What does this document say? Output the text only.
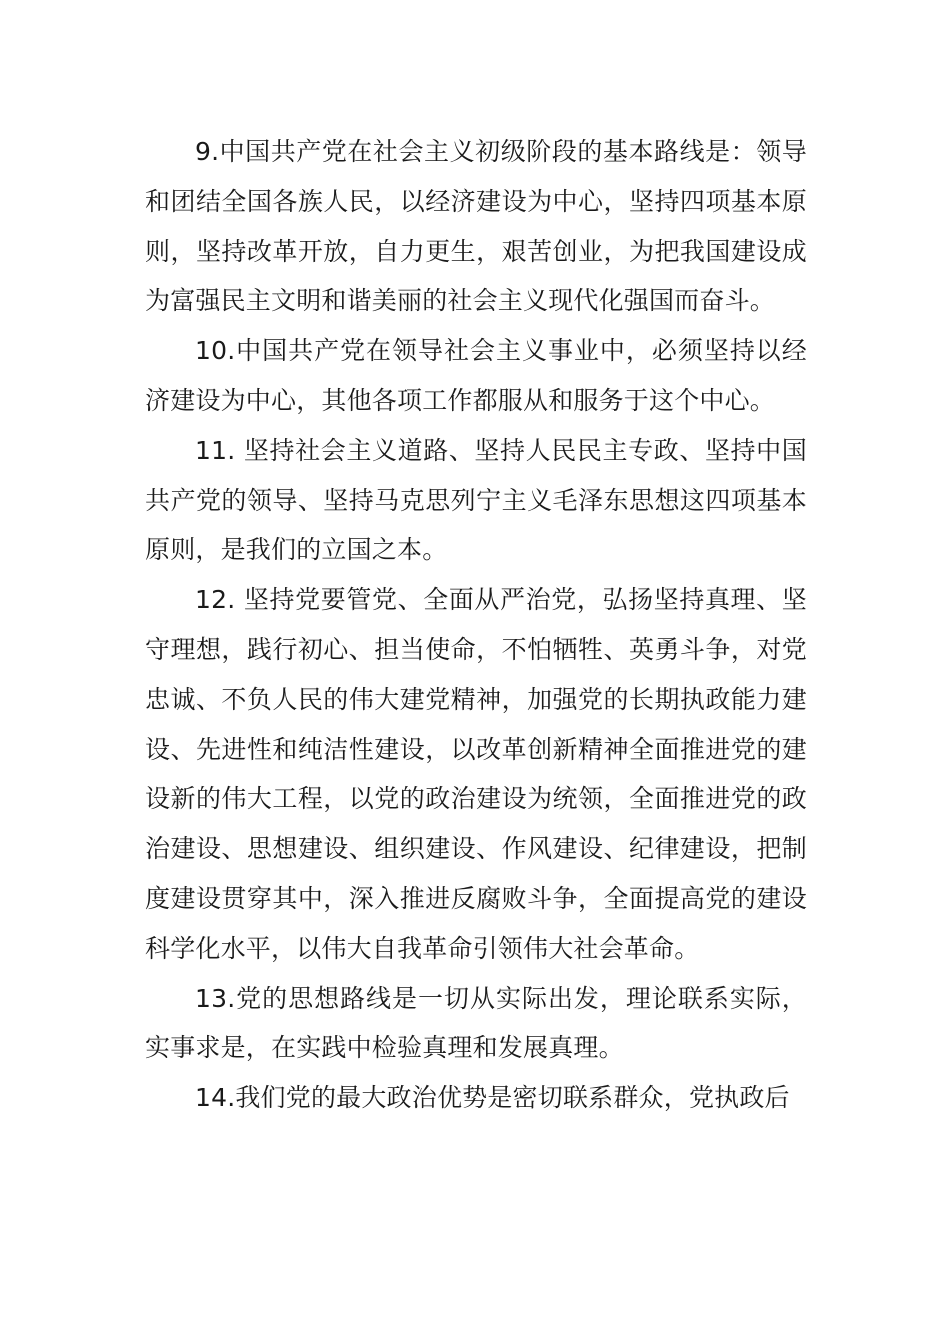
9.中国共产党在社会主义初级阶段的基本路线是：领导和团结全国各族人民，以经济建设为中心，坚持四项基本原则，坚持改革开放，自力更生，艰苦创业，为把我国建设成为富强民主文明和谐美丽的社会主义现代化强国而奋斗。

10.中国共产党在领导社会主义事业中，必须坚持以经济建设为中心，其他各项工作都服从和服务于这个中心。

11. 坚持社会主义道路、坚持人民民主专政、坚持中国共产党的领导、坚持马克思列宁主义毛泽东思想这四项基本原则，是我们的立国之本。

12. 坚持党要管党、全面从严治党，弘扬坚持真理、坚守理想，践行初心、担当使命，不怕牺牲、英勇斗争，对党忠诚、不负人民的伟大建党精神，加强党的长期执政能力建设、先进性和纯洁性建设，以改革创新精神全面推进党的建设新的伟大工程，以党的政治建设为统领，全面推进党的政治建设、思想建设、组织建设、作风建设、纪律建设，把制度建设贯穿其中，深入推进反腐败斗争，全面提高党的建设科学化水平，以伟大自我革命引领伟大社会革命。

13.党的思想路线是一切从实际出发，理论联系实际，实事求是，在实践中检验真理和发展真理。

14.我们党的最大政治优势是密切联系群众，党执政后
